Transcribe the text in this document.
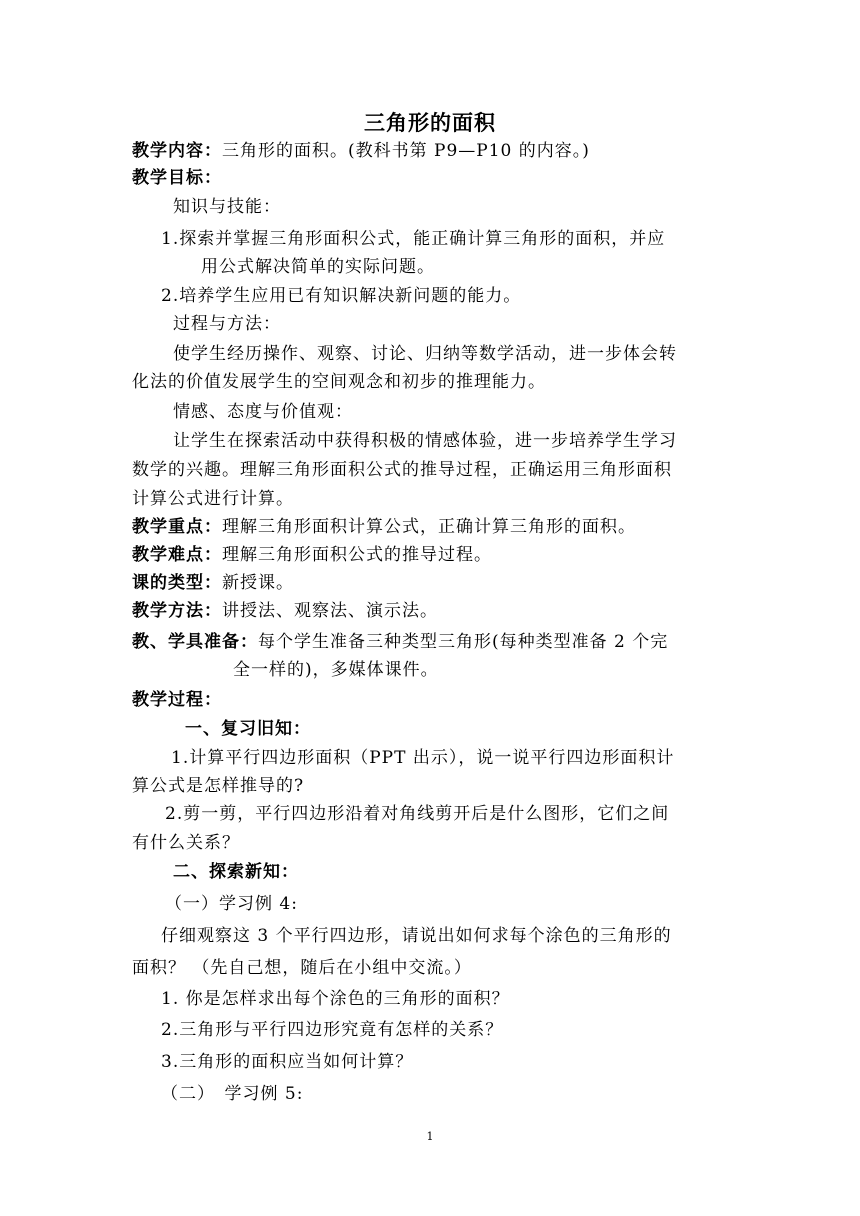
三角形的面积
教学内容：三角形的面积。(教科书第 P9—P10 的内容。)
教学目标：
知识与技能：
1.探索并掌握三角形面积公式，能正确计算三角形的面积，并应
用公式解决简单的实际问题。
2.培养学生应用已有知识解决新问题的能力。
过程与方法：
使学生经历操作、观察、讨论、归纳等数学活动，进一步体会转
化法的价值发展学生的空间观念和初步的推理能力。
情感、态度与价值观：
让学生在探索活动中获得积极的情感体验，进一步培养学生学习
数学的兴趣。理解三角形面积公式的推导过程，正确运用三角形面积
计算公式进行计算。
教学重点：理解三角形面积计算公式，正确计算三角形的面积。
教学难点：理解三角形面积公式的推导过程。
课的类型：新授课。
教学方法：讲授法、观察法、演示法。
教、学具准备：每个学生准备三种类型三角形(每种类型准备 2 个完
全一样的)，多媒体课件。
教学过程：
一、复习旧知：
1.计算平行四边形面积（PPT 出示），说一说平行四边形面积计
算公式是怎样推导的?
2.剪一剪，平行四边形沿着对角线剪开后是什么图形，它们之间
有什么关系？
二、探索新知：
（一）学习例 4:
仔细观察这 3 个平行四边形，请说出如何求每个涂色的三角形的
面积？ （先自己想，随后在小组中交流。）
1. 你是怎样求出每个涂色的三角形的面积？
2.三角形与平行四边形究竟有怎样的关系？
3.三角形的面积应当如何计算？
（二）　学习例 5:
1
